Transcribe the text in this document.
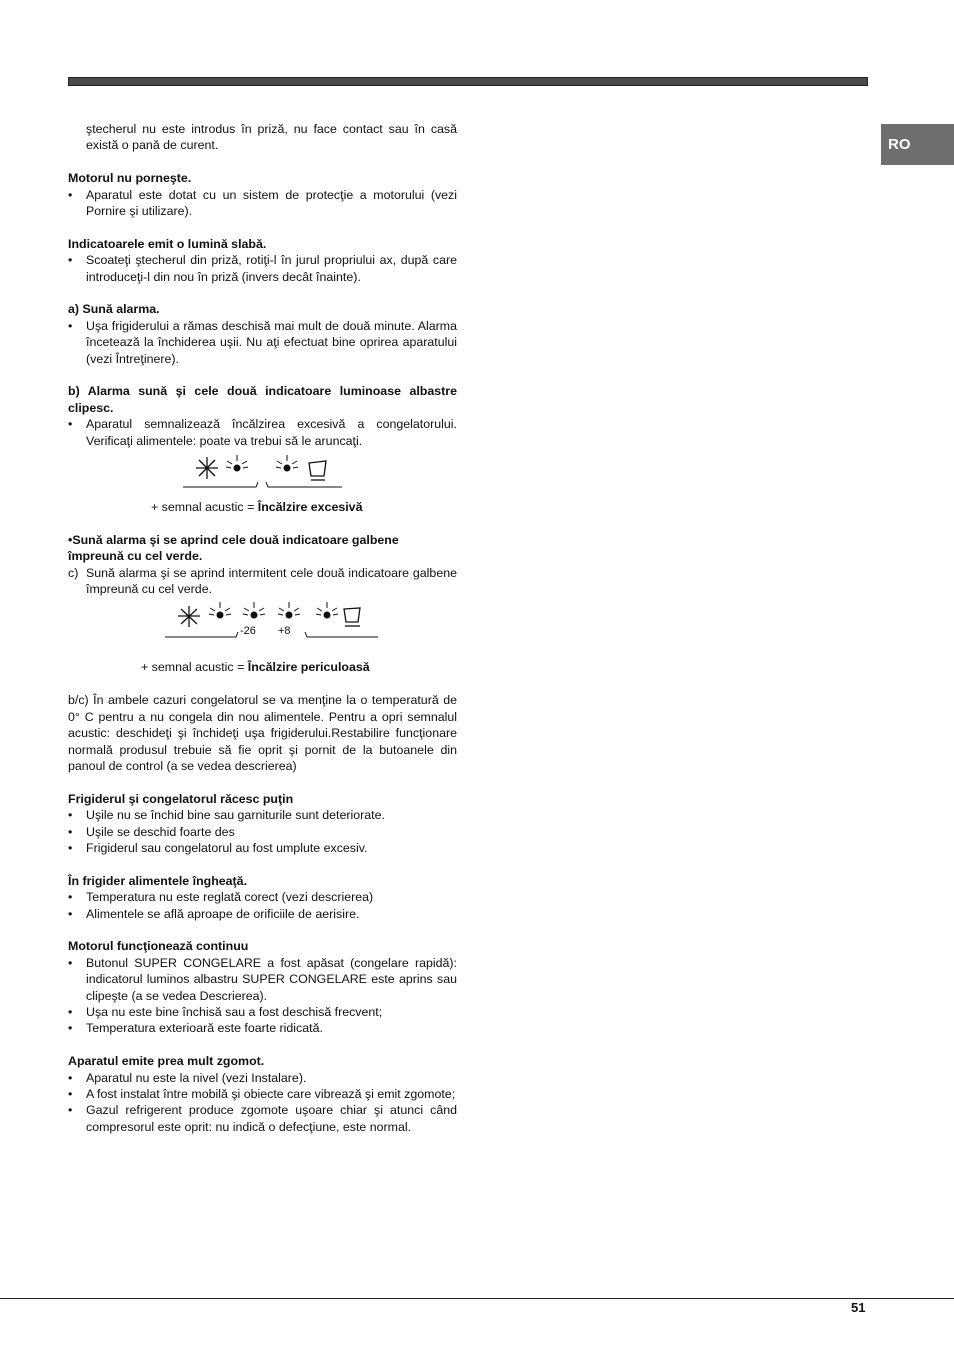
RO

ştecherul nu este introdus în priză, nu face contact sau în casă există o pană de curent.

Motorul nu porneşte.

• Aparatul este dotat cu un sistem de protecţie a motorului (vezi Pornire şi utilizare).

Indicatoarele emit o lumină slabă.

• Scoateţi ştecherul din priză, rotiţi-l în jurul propriului ax, după care introduceţi-l din nou în priză (invers decât înainte).

a) Sună alarma.

• Uşa frigiderului a rămas deschisă mai mult de două minute. Alarma încetează la închiderea uşii. Nu aţi efectuat bine oprirea aparatului (vezi Întreţinere).

b) Alarma sună şi cele două indicatoare luminoase albastre clipesc.

• Aparatul semnalizează încălzirea excesivă a congelatorului. Verificaţi alimentele: poate va trebui să le aruncaţi.

+ semnal acustic = Încălzire excesivă

•Sună alarma şi se aprind cele două indicatoare galbene împreună cu cel verde.

c) Sună alarma şi se aprind intermitent cele două indicatoare galbene împreună cu cel verde.
-26 +8

+ semnal acustic = Încălzire periculoasă

b/c) În ambele cazuri congelatorul se va menţine la o temperatură de 0° C pentru a nu congela din nou alimentele. Pentru a opri semnalul acustic: deschideţi şi închideţi uşa frigiderului.Restabilire funcţionare normală produsul trebuie să fie oprit şi pornit de la butoanele din panoul de control (a se vedea descrierea)

Frigiderul şi congelatorul răcesc puţin

• Uşile nu se închid bine sau garniturile sunt deteriorate.
• Uşile se deschid foarte des
• Frigiderul sau congelatorul au fost umplute excesiv.

În frigider alimentele îngheaţă.

• Temperatura nu este reglată corect (vezi descrierea)
• Alimentele se află aproape de orificiile de aerisire.

Motorul funcţionează continuu

• Butonul SUPER CONGELARE a fost apăsat (congelare rapidă): indicatorul luminos albastru SUPER CONGELARE este aprins sau clipeşte (a se vedea Descrierea).
• Uşa nu este bine închisă sau a fost deschisă frecvent;
• Temperatura exterioară este foarte ridicată.

Aparatul emite prea mult zgomot.

• Aparatul nu este la nivel (vezi Instalare).
• A fost instalat între mobilă şi obiecte care vibrează şi emit zgomote;
• Gazul refrigerent produce zgomote uşoare chiar şi atunci când compresorul este oprit: nu indică o defecţiune, este normal.
51
